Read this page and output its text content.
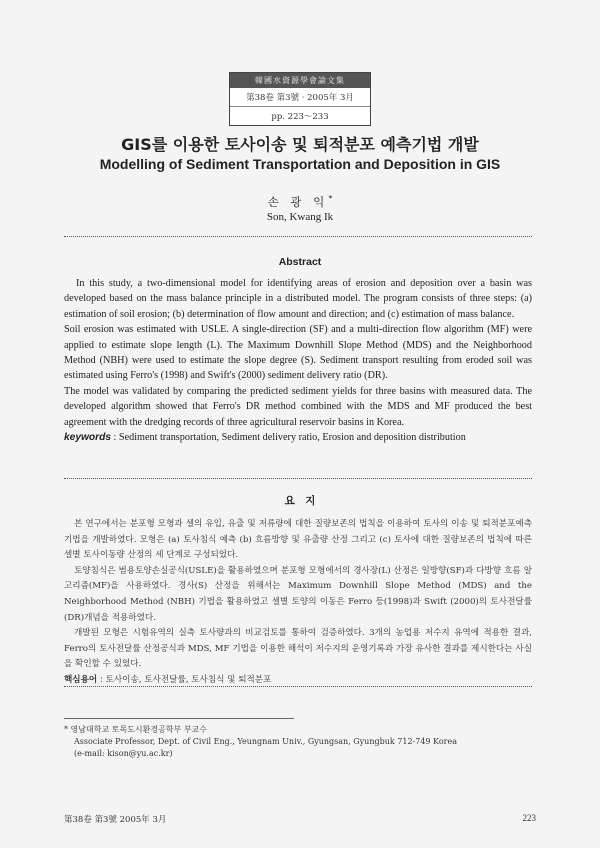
韓國水資源學會論文集
第38卷 第3號 · 2005年 3月
pp. 223～233
GIS를 이용한 토사이송 및 퇴적분포 예측기법 개발
Modelling of Sediment Transportation and Deposition in GIS
손 광 익*
Son, Kwang Ik
Abstract

In this study, a two-dimensional model for identifying areas of erosion and deposition over a basin was developed based on the mass balance principle in a distributed model. The program consists of three steps: (a) estimation of soil erosion; (b) determination of flow amount and direction; and (c) estimation of mass balance.

Soil erosion was estimated with USLE. A single-direction (SF) and a multi-direction flow algorithm (MF) were applied to estimate slope length (L). The Maximum Downhill Slope Method (MDS) and the Neighborhood Method (NBH) were used to estimate the slope degree (S). Sediment transport resulting from eroded soil was estimated using Ferro's (1998) and Swift's (2000) sediment delivery ratio (DR).

The model was validated by comparing the predicted sediment yields for three basins with measured data. The developed algorithm showed that Ferro's DR method combined with the MDS and MF produced the best agreement with the dredging records of three agricultural reservoir basins in Korea.

keywords : Sediment transportation, Sediment delivery ratio, Erosion and deposition distribution

요　지

본 연구에서는 분포형 모형과 셀의 유입, 유출 및 저류량에 대한 질량보존의 법칙을 이용하여 토사의 이송 및 퇴적분포예측기법을 개발하였다. 모형은 (a) 토사침식 예측 (b) 흐름방향 및 유출량 산정 그리고 (c) 토사에 대한 질량보존의 법칙에 따른 셀별 토사이동량 산정의 세 단계로 구성되었다.

토양침식은 범용토양손실공식(USLE)을 활용하였으며 분포형 모형에서의 경사장(L) 산정은 일방향(SF)과 다방향 흐름 알고리즘(MF)을 사용하였다. 경사(S) 산정을 위해서는 Maximum Downhill Slope Method (MDS) and the Neighborhood Method (NBH) 기법을 활용하였고 셀별 토양의 이동은 Ferro 등(1998)과 Swift (2000)의 토사전달률(DR)개념을 적용하였다.

개발된 모형은 시험유역의 실측 토사량과의 비교검토를 통하여 검증하였다. 3개의 농업용 저수지 유역에 적용한 결과, Ferro의 토사전달률 산정공식과 MDS, MF 기법을 이용한 해석이 저수지의 운영기록과 가장 유사한 결과를 제시한다는 사실을 확인할 수 있었다.

핵심용어 : 토사이송, 토사전달률, 토사침식 및 퇴적분포

* 영남대학교 토목도시환경공학부 부교수

Associate Professor, Dept. of Civil Eng., Yeungnam Univ., Gyungsan, Gyungbuk 712-749 Korea

(e-mail: kison@yu.ac.kr)

第38卷 第3號 2005年 3月	223
